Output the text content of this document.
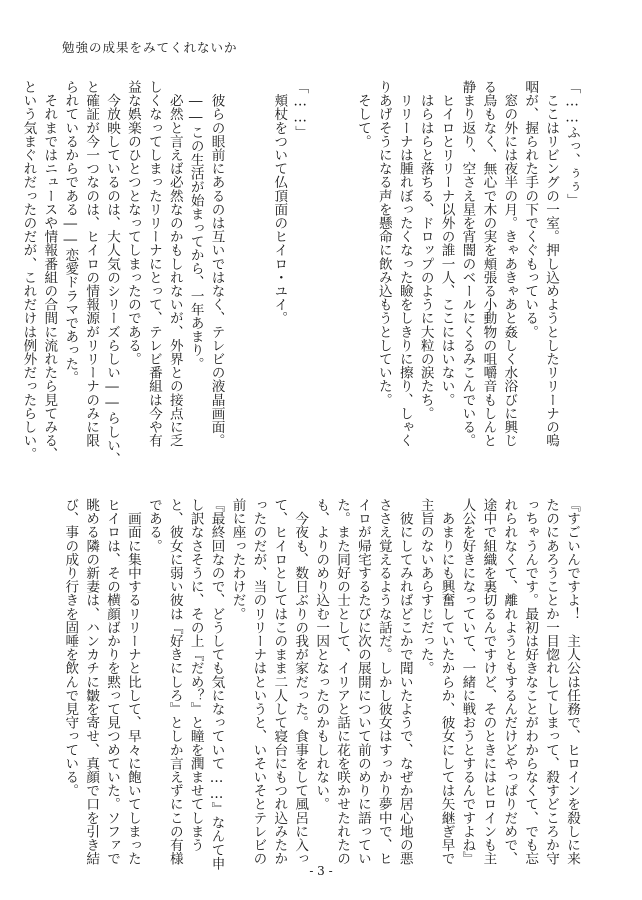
勉強の成果をみてくれないか
「……ふっ、ぅぅ」
　ここはリビングの一室。押し込めようとしたリリーナの嗚
咽が、握られた手の下でくぐもっている。
　窓の外には夜半の月。きゃあきゃあと姦しく水浴びに興じ
る鳥もなく、無心で木の実を頬張る小動物の咀嚼音もしんと
静まり返り、空さえ星を宵闇のベールにくるみこんでいる。
　ヒイロとリリーナ以外の誰一人、ここにはいない。
　はらはらと落ちる、ドロップのように大粒の涙たち。
　リリーナは腫れぼったくなった瞼をしきりに擦り、しゃく
りあげそうになる声を懸命に飲み込もうとしていた。
　そして。

「……」
　頬杖をついて仏頂面のヒイロ・ユイ。

　彼らの眼前にあるのは互いではなく、テレビの液晶画面。
　――この生活が始まってから、一年あまり。
　必然と言えば必然なのかもしれないが、外界との接点に乏
しくなってしまったリリーナにとって、テレビ番組は今や有
益な娯楽のひとつとなってしまったのである。
　今放映しているのは、大人気のシリーズらしい――らしい、
と確証が今一つなのは、ヒイロの情報源がリリーナのみに限
られているからである――恋愛ドラマであった。
　それまではニュースや情報番組の合間に流れたら見てみる、
という気まぐれだったのだが、これだけは例外だったらしい。
『すごいんですよ！　主人公は任務で、ヒロインを殺しに来
たのにあろうことか一目惚れしてしまって、殺すどころか守
っちゃうんです。最初は好きなことがわからなくて、でも忘
れられなくて、離れようともするんだけどやっぱりだめで、
途中で組織を裏切るんですけど、そのときにはヒロインも主
人公を好きになっていて、一緒に戦おうとするんですよね』
　あまりにも興奮していたからか、彼女にしては矢継ぎ早で
主旨のないあらすじだった。
　彼にしてみればどこかで聞いたようで、なぜか居心地の悪
ささえ覚えるような話だ。しかし彼女はすっかり夢中で、ヒ
イロが帰宅するたびに次の展開について前のめりに語ってい
た。また同好の士として、イリアと話に花を咲かせたれたの
も、よりのめり込む一因となったのかもしれない。
　今夜も、数日ぶりの我が家だった。食事をして風呂に入っ
て、ヒイロとしてはこのまま二人して寝台にもつれ込みたか
ったのだが、当のリリーナはというと、いそいそとテレビの
前に座ったわけだ。
『最終回なので、どうしても気になっていて……』なんて申
し訳なさそうに、その上『だめ？』と瞳を潤ませてしまう
と、彼女に弱い彼は『好きにしろ』としか言えずにこの有様
である。
　画面に集中するリリーナと比して、早々に飽いてしまった
ヒイロは、その横顔ばかりを黙って見つめていた。ソファで
眺める隣の新妻は、ハンカチに皺を寄せ、真顔で口を引き結
び、事の成り行きを固唾を飲んで見守っている。
- 3 -
